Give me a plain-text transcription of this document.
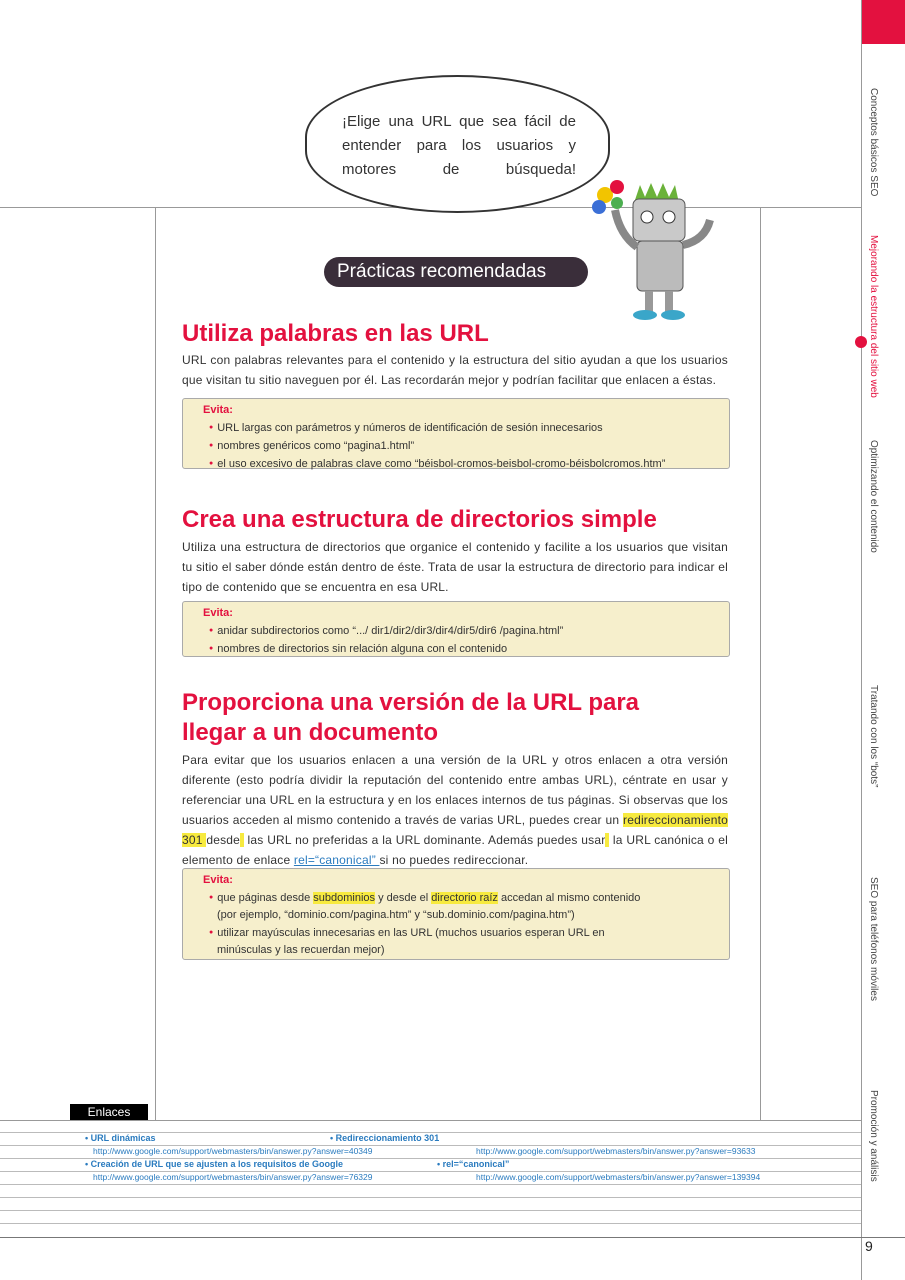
Conceptos básicos SEO
Mejorando la estructura del sitio web
Optimizando el contenido
Tratando con los “bots”
SEO para teléfonos móviles
Promoción y análisis
¡Elige una URL que sea fácil de entender para los usuarios y motores de búsqueda!
Prácticas recomendadas
Utiliza palabras en las URL
URL con palabras relevantes para el contenido y la estructura del sitio ayudan a que los usuarios que visitan tu sitio naveguen por él. Las recordarán mejor y podrían facilitar que enlacen a éstas.
Evita:
● URL largas con parámetros y números de identificación de sesión innecesarios
● nombres genéricos como “pagina1.html”
● el uso excesivo de palabras clave como “béisbol-cromos-beisbol-cromo-béisbolcromos.htm”
Crea una estructura de directorios simple
Utiliza una estructura de directorios que organice el contenido y facilite a los usuarios que visitan tu sitio el saber dónde están dentro de éste. Trata de usar la estructura de directorio para indicar el tipo de contenido que se encuentra en esa URL.
Evita:
● anidar subdirectorios como “.../ dir1/dir2/dir3/dir4/dir5/dir6 /pagina.html”
● nombres de directorios sin relación alguna con el contenido
Proporciona una versión de la URL para
llegar a un documento
Para evitar que los usuarios enlacen a una versión de la URL y otros enlacen a otra versión diferente (esto podría dividir la reputación del contenido entre ambas URL), céntrate en usar y referenciar una URL en la estructura y en los enlaces internos de tus páginas. Si observas que los usuarios acceden al mismo contenido a través de varias URL, puedes crear un redireccionamiento 301 desde  las URL no preferidas a la URL dominante. Además puedes usar  la URL canónica o el elemento de enlace rel=“canonical” si no puedes redireccionar.
Evita:
● que páginas desde subdominios y desde el directorio raíz accedan al mismo contenido
(por ejemplo, “dominio.com/pagina.htm” y “sub.dominio.com/pagina.htm”)
● utilizar mayúsculas innecesarias en las URL (muchos usuarios esperan URL en
minúsculas y las recuerdan mejor)
Enlaces
• URL dinámicas
http://www.google.com/support/webmasters/bin/answer.py?answer=40349
• Redireccionamiento 301
http://www.google.com/support/webmasters/bin/answer.py?answer=93633
• Creación de URL que se ajusten a los requisitos de Google
http://www.google.com/support/webmasters/bin/answer.py?answer=76329
• rel=“canonical”
http://www.google.com/support/webmasters/bin/answer.py?answer=139394
9
